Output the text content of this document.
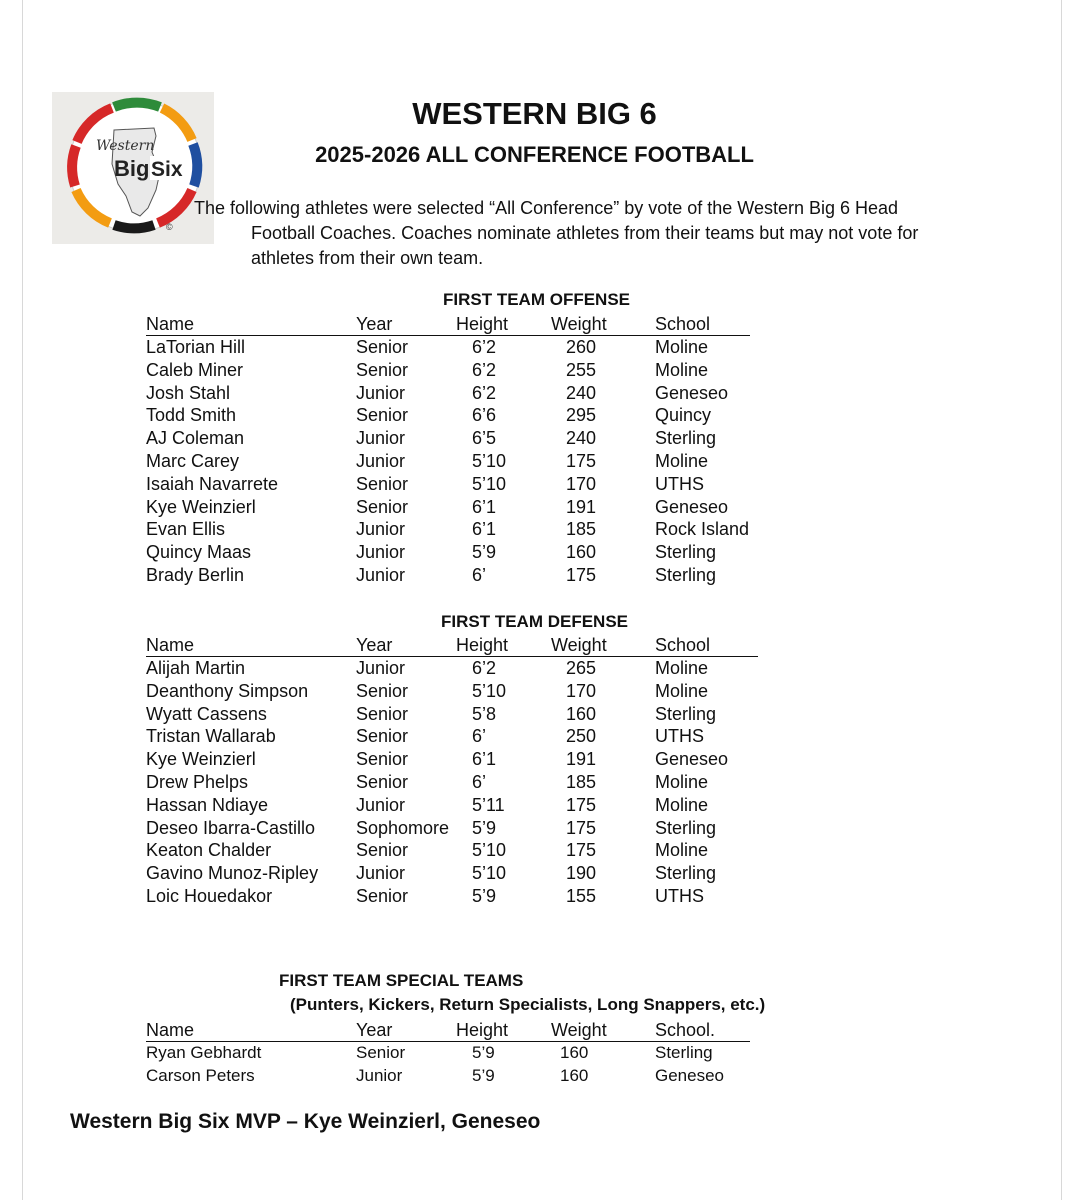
Western
Big Six
©
WESTERN BIG 6
2025-2026 ALL CONFERENCE FOOTBALL

The following athletes were selected “All Conference” by vote of the Western Big 6 Head
Football Coaches. Coaches nominate athletes from their teams but may not vote for
athletes from their own team.

FIRST TEAM OFFENSE
Name	Year	Height	Weight	School
LaTorian Hill	Senior	6’2	260	Moline
Caleb Miner	Senior	6’2	255	Moline
Josh Stahl	Junior	6’2	240	Geneseo
Todd Smith	Senior	6’6	295	Quincy
AJ Coleman	Junior	6’5	240	Sterling
Marc Carey	Junior	5’10	175	Moline
Isaiah Navarrete	Senior	5’10	170	UTHS
Kye Weinzierl	Senior	6’1	191	Geneseo
Evan Ellis	Junior	6’1	185	Rock Island
Quincy Maas	Junior	5’9	160	Sterling
Brady Berlin	Junior	6’	175	Sterling
FIRST TEAM DEFENSE
Name	Year	Height	Weight	School
Alijah Martin	Junior	6’2	265	Moline
Deanthony Simpson	Senior	5’10	170	Moline
Wyatt Cassens	Senior	5’8	160	Sterling
Tristan Wallarab	Senior	6’	250	UTHS
Kye Weinzierl	Senior	6’1	191	Geneseo
Drew Phelps	Senior	6’	185	Moline
Hassan Ndiaye	Junior	5’11	175	Moline
Deseo Ibarra-Castillo	Sophomore	5’9	175	Sterling
Keaton Chalder	Senior	5’10	175	Moline
Gavino Munoz-Ripley	Junior	5’10	190	Sterling
Loic Houedakor	Senior	5’9	155	UTHS
FIRST TEAM SPECIAL TEAMS
(Punters, Kickers, Return Specialists, Long Snappers, etc.)
Name	Year	Height	Weight	School.
Ryan Gebhardt	Senior	5’9	160	Sterling
Carson Peters	Junior	5’9	160	Geneseo

Western Big Six MVP – Kye Weinzierl, Geneseo
